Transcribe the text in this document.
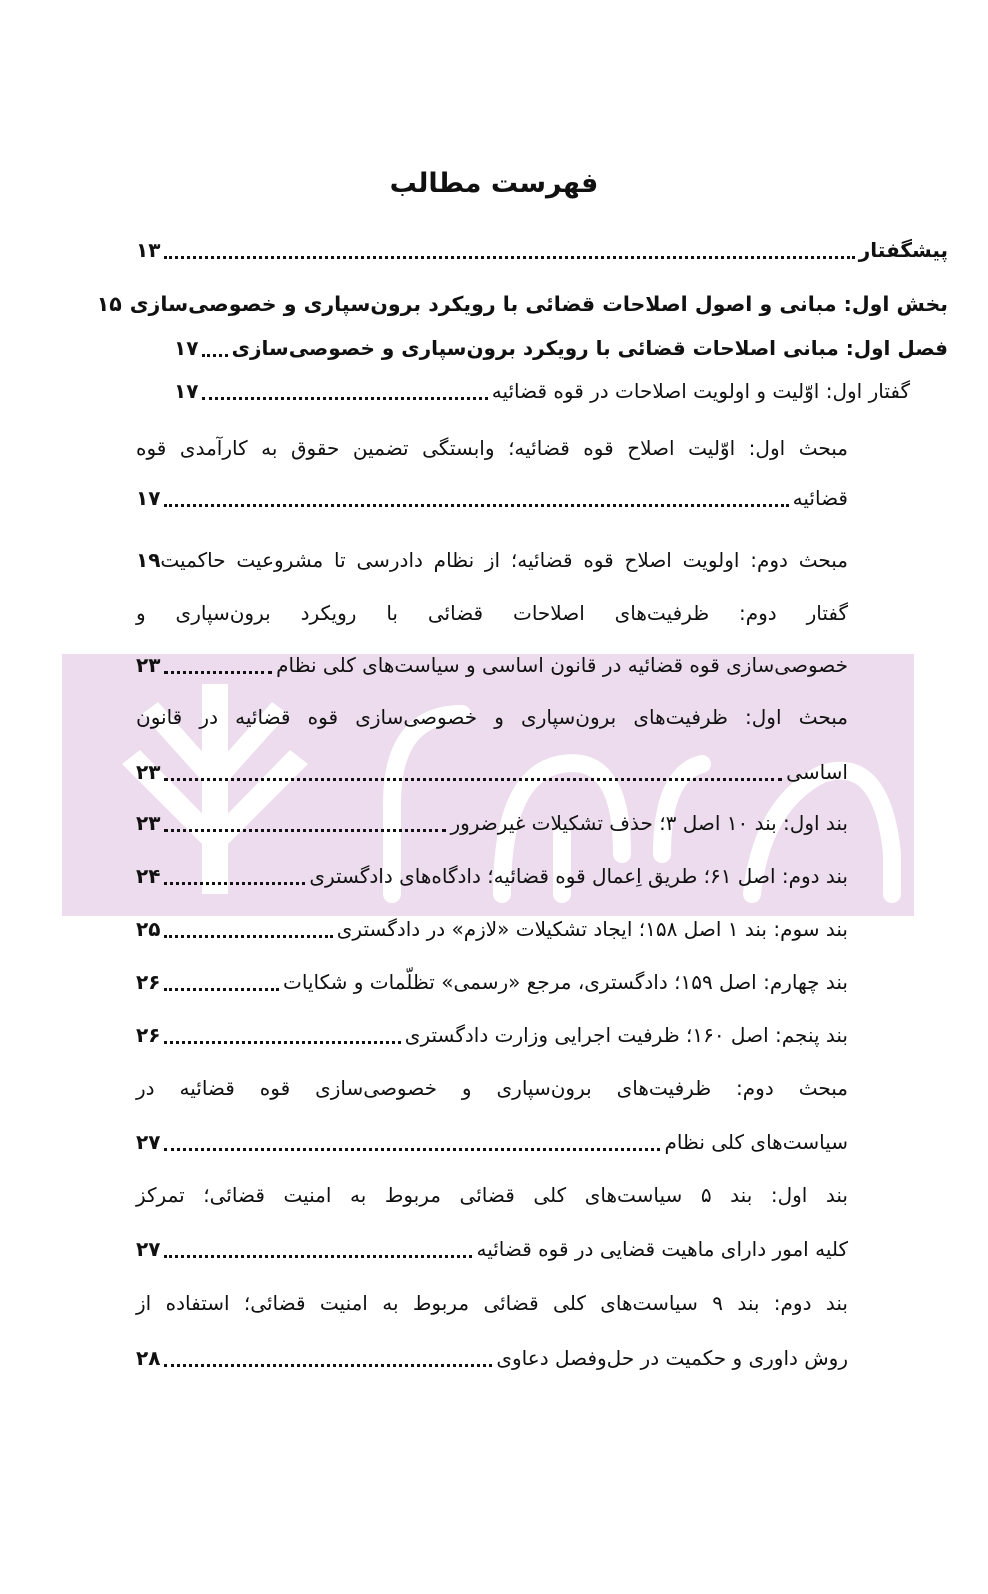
فهرست مطالب
پیشگفتار
۱۳
بخش اول: مبانی و اصول اصلاحات قضائی با رویکرد برون‌سپاری و خصوصی‌سازی
۱۵
فصل اول: مبانی اصلاحات قضائی با رویکرد برون‌سپاری و خصوصی‌سازی
۱۷
گفتار اول: اوّلیت و اولویت اصلاحات در قوه قضائیه
۱۷
مبحث اول: اوّلیت اصلاح قوه قضائیه؛ وابستگی تضمین حقوق به کارآمدی قوه
قضائیه
۱۷
مبحث دوم: اولویت اصلاح قوه قضائیه؛ از نظام دادرسی تا مشروعیت حاکمیت
۱۹
گفتار دوم: ظرفیت‌های اصلاحات قضائی با رویکرد برون‌سپاری و
خصوصی‌سازی قوه قضائیه در قانون اساسی و سیاست‌های کلی نظام
۲۳
مبحث اول: ظرفیت‌های برون‌سپاری و خصوصی‌سازی قوه قضائیه در قانون
اساسی
۲۳
بند اول: بند ۱۰ اصل ۳؛ حذف تشکیلات غیرضرور
۲۳
بند دوم: اصل ۶۱؛ طریق اِعمال قوه قضائیه؛ دادگاه‌های دادگستری
۲۴
بند سوم: بند ۱ اصل ۱۵۸؛ ایجاد تشکیلات «لازم» در دادگستری
۲۵
بند چهارم: اصل ۱۵۹؛ دادگستری، مرجع «رسمی» تظلّمات و شکایات
۲۶
بند پنجم: اصل ۱۶۰؛ ظرفیت اجرایی وزارت دادگستری
۲۶
مبحث دوم: ظرفیت‌های برون‌سپاری و خصوصی‌سازی قوه قضائیه در
سیاست‌های کلی نظام
۲۷
بند اول: بند ۵ سیاست‌های کلی قضائی مربوط به امنیت قضائی؛ تمرکز
کلیه امور دارای ماهیت قضایی در قوه قضائیه
۲۷
بند دوم: بند ۹ سیاست‌های کلی قضائی مربوط به امنیت قضائی؛ استفاده از
روش داوری و حکمیت در حل‌وفصل دعاوی
۲۸
